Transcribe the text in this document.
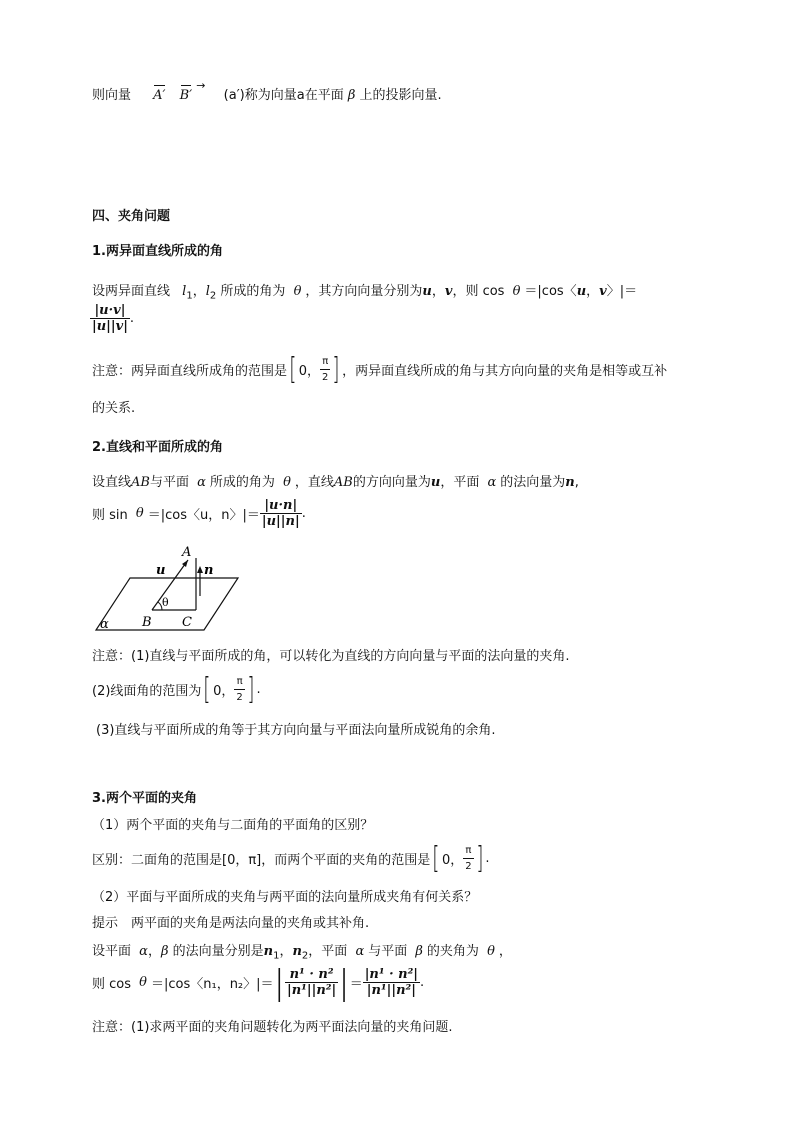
则向量 A′ B′ → (a′)称为向量a在平面 β 上的投影向量.
四、夹角问题
1.两异面直线所成的角
设两异面直线 $l_1$，$l_2$ 所成的角为 θ ，其方向向量分别为u，v，则 cos θ ＝|cos〈u，v〉|＝
$\frac{|u\cdot v|}{|u||v|}$ .
注意：两异面直线所成角的范围是[ 0， $\frac{\pi}{2}$ ] ，两异面直线所成的角与其方向向量的夹角是相等或互补
的关系.
2.直线和平面所成的角
设直线AB与平面 α 所成的角为 θ ，直线AB的方向向量为u，平面 α 的法向量为n,
则 sin θ ＝|cos〈u，n〉|＝ $\frac{|u\cdot n|}{|u||n|}$ .
A
u	n
θ
B C
α
注意：(1)直线与平面所成的角，可以转化为直线的方向向量与平面的法向量的夹角.
(2)线面角的范围为[ 0， $\frac{\pi}{2}$ ] .
(3)直线与平面所成的角等于其方向向量与平面法向量所成锐角的余角.
3.两个平面的夹角
（1）两个平面的夹角与二面角的平面角的区别？
区别：二面角的范围是[0，π]，而两个平面的夹角的范围是[ 0， $\frac{\pi}{2}$ ] .
（2）平面与平面所成的夹角与两平面的法向量所成夹角有何关系？
提示　两平面的夹角是两法向量的夹角或其补角.
设平面 α，β 的法向量分别是$n_1$，$n_2$，平面 α 与平面 β 的夹角为 θ ，
则 cos θ ＝|cos〈n₁，n₂〉|＝| $\frac{\text{n¹ · n²}}{\text{|n¹||n²|}}$ |＝ $\frac{\text{|n¹ · n²|}}{\text{|n¹||n²|}}$ .
注意：(1)求两平面的夹角问题转化为两平面法向量的夹角问题.
